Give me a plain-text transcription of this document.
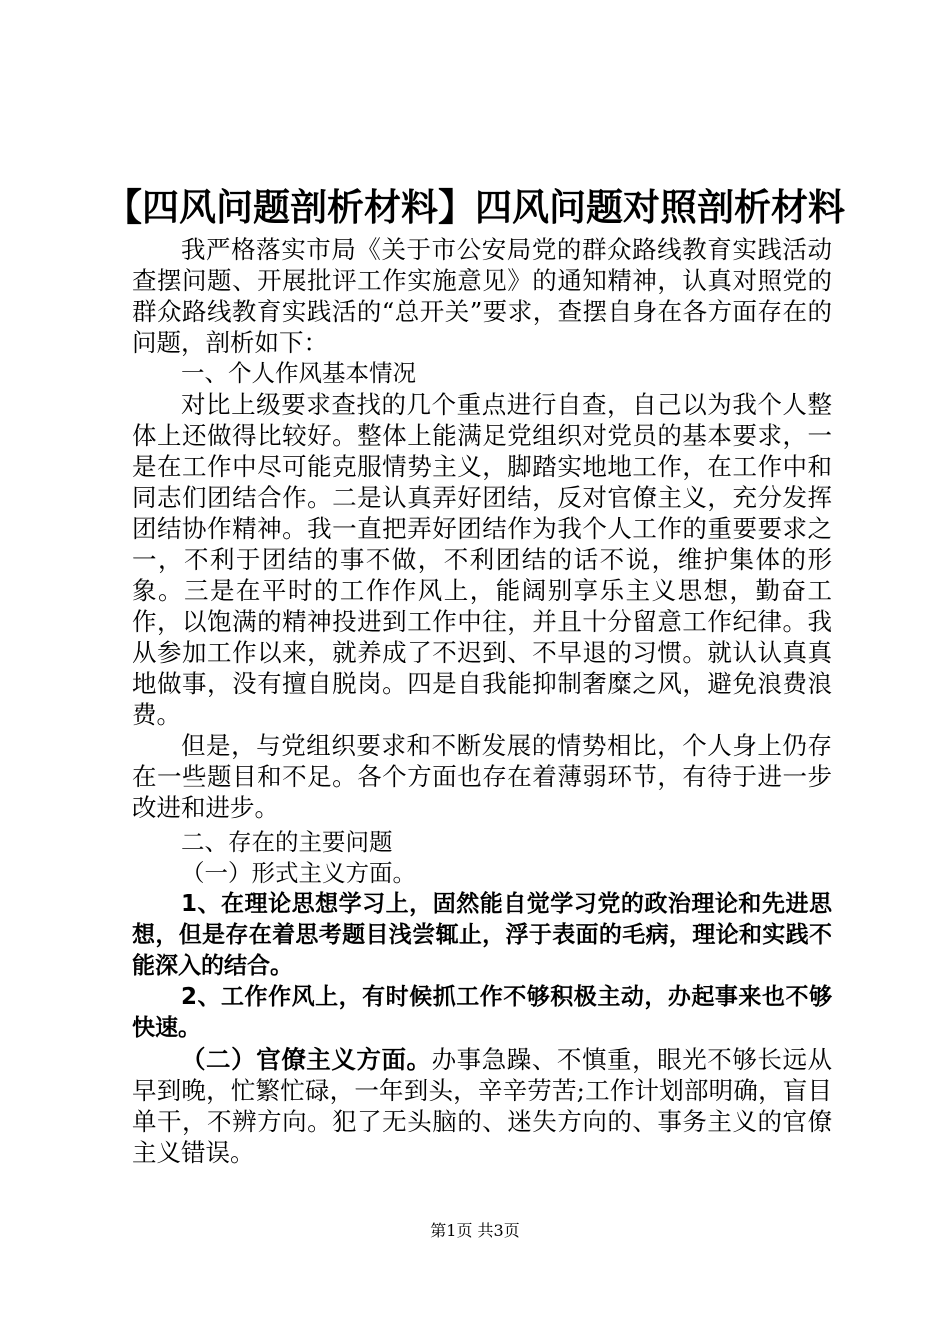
【四风问题剖析材料】四风问题对照剖析材料

我严格落实市局《关于市公安局党的群众路线教育实践活动查摆问题、开展批评工作实施意见》的通知精神，认真对照党的群众路线教育实践活的“总开关”要求，查摆自身在各方面存在的问题，剖析如下：

一、个人作风基本情况

对比上级要求查找的几个重点进行自查，自己以为我个人整体上还做得比较好。整体上能满足党组织对党员的基本要求，一是在工作中尽可能克服情势主义，脚踏实地地工作，在工作中和同志们团结合作。二是认真弄好团结，反对官僚主义，充分发挥团结协作精神。我一直把弄好团结作为我个人工作的重要要求之一，不利于团结的事不做，不利团结的话不说，维护集体的形象。三是在平时的工作作风上，能阔别享乐主义思想，勤奋工作，以饱满的精神投进到工作中往，并且十分留意工作纪律。我从参加工作以来，就养成了不迟到、不早退的习惯。就认认真真地做事，没有擅自脱岗。四是自我能抑制奢糜之风，避免浪费浪费。

但是，与党组织要求和不断发展的情势相比，个人身上仍存在一些题目和不足。各个方面也存在着薄弱环节，有待于进一步改进和进步。

二、存在的主要问题

（一）形式主义方面。

1、在理论思想学习上，固然能自觉学习党的政治理论和先进思想，但是存在着思考题目浅尝辄止，浮于表面的毛病，理论和实践不能深入的结合。

2、工作作风上，有时候抓工作不够积极主动，办起事来也不够快速。

（二）官僚主义方面。办事急躁、不慎重，眼光不够长远从早到晚，忙繁忙碌，一年到头，辛辛劳苦;工作计划部明确，盲目单干，不辨方向。犯了无头脑的、迷失方向的、事务主义的官僚主义错误。

第1页 共3页
